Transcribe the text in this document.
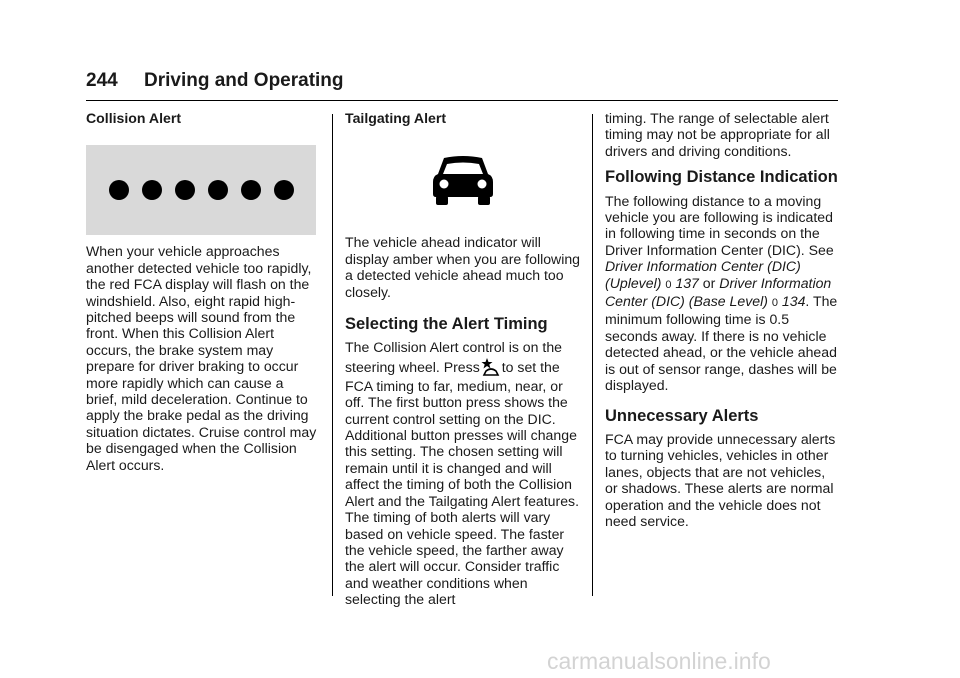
244 Driving and Operating

Collision Alert

When your vehicle approaches another detected vehicle too rapidly, the red FCA display will flash on the windshield. Also, eight rapid high-pitched beeps will sound from the front. When this Collision Alert occurs, the brake system may prepare for driver braking to occur more rapidly which can cause a brief, mild deceleration. Continue to apply the brake pedal as the driving situation dictates. Cruise control may be disengaged when the Collision Alert occurs.

Tailgating Alert

The vehicle ahead indicator will display amber when you are following a detected vehicle ahead much too closely.

Selecting the Alert Timing

The Collision Alert control is on the steering wheel. Press to set the FCA timing to far, medium, near, or off. The first button press shows the current control setting on the DIC. Additional button presses will change this setting. The chosen setting will remain until it is changed and will affect the timing of both the Collision Alert and the Tailgating Alert features. The timing of both alerts will vary based on vehicle speed. The faster the vehicle speed, the farther away the alert will occur. Consider traffic and weather conditions when selecting the alert

timing. The range of selectable alert timing may not be appropriate for all drivers and driving conditions.

Following Distance Indication

The following distance to a moving vehicle you are following is indicated in following time in seconds on the Driver Information Center (DIC). See Driver Information Center (DIC) (Uplevel) 0 137 or Driver Information Center (DIC) (Base Level) 0 134. The minimum following time is 0.5 seconds away. If there is no vehicle detected ahead, or the vehicle ahead is out of sensor range, dashes will be displayed.

Unnecessary Alerts

FCA may provide unnecessary alerts to turning vehicles, vehicles in other lanes, objects that are not vehicles, or shadows. These alerts are normal operation and the vehicle does not need service.

carmanualsonline.info
